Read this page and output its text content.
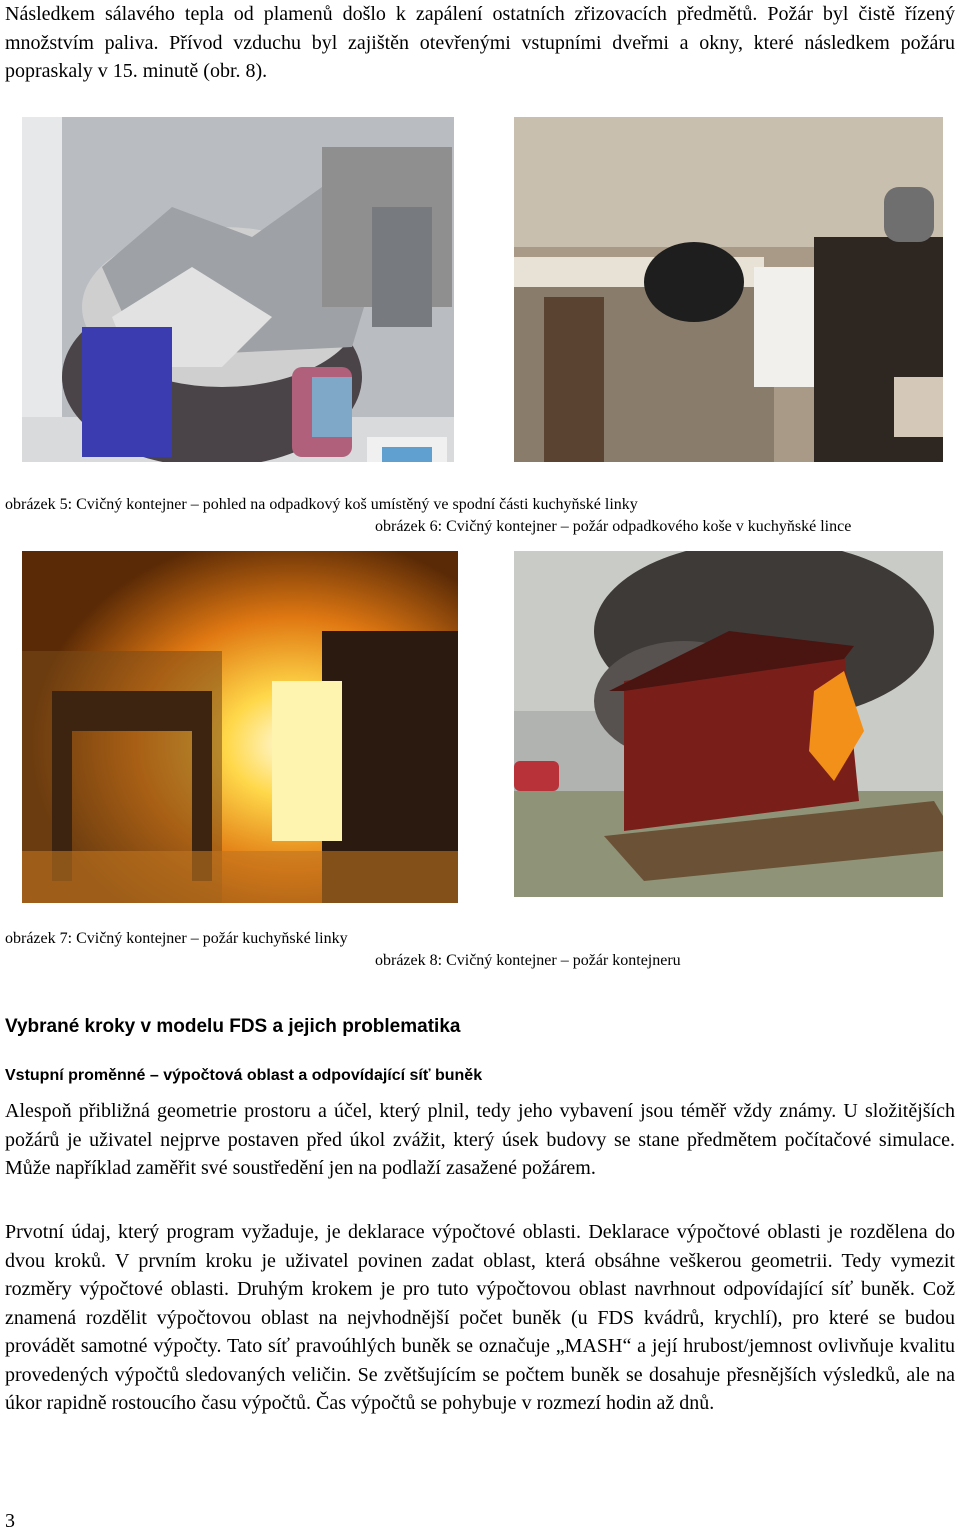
Následkem sálavého tepla od plamenů došlo k zapálení ostatních zřizovacích předmětů. Požár byl čistě řízený množstvím paliva. Přívod vzduchu byl zajištěn otevřenými vstupními dveřmi a okny, které následkem požáru popraskaly v 15. minutě (obr. 8).

obrázek 5: Cvičný kontejner – pohled na odpadkový koš umístěný ve spodní části kuchyňské linky
obrázek 6: Cvičný kontejner – požár odpadkového koše v kuchyňské lince
obrázek 7: Cvičný kontejner – požár kuchyňské linky
obrázek 8: Cvičný kontejner – požár kontejneru
Vybrané kroky v modelu FDS a jejich problematika
Vstupní proměnné – výpočtová oblast a odpovídající síť buněk

Alespoň přibližná geometrie prostoru a účel, který plnil, tedy jeho vybavení jsou téměř vždy známy. U složitějších požárů je uživatel nejprve postaven před úkol zvážit, který úsek budovy se stane předmětem počítačové simulace. Může například zaměřit své soustředění jen na podlaží zasažené požárem.

Prvotní údaj, který program vyžaduje, je deklarace výpočtové oblasti. Deklarace výpočtové oblasti je rozdělena do dvou kroků. V prvním kroku je uživatel povinen zadat oblast, která obsáhne veškerou geometrii. Tedy vymezit rozměry výpočtové oblasti. Druhým krokem je pro tuto výpočtovou oblast navrhnout odpovídající síť buněk. Což znamená rozdělit výpočtovou oblast na nejvhodnější počet buněk (u FDS kvádrů, krychlí), pro které se budou provádět samotné výpočty. Tato síť pravoúhlých buněk se označuje „MASH“ a její hrubost/jemnost ovlivňuje kvalitu provedených výpočtů sledovaných veličin. Se zvětšujícím se počtem buněk se dosahuje přesnějších výsledků, ale na úkor rapidně rostoucího času výpočtů. Čas výpočtů se pohybuje v rozmezí hodin až dnů.

3
